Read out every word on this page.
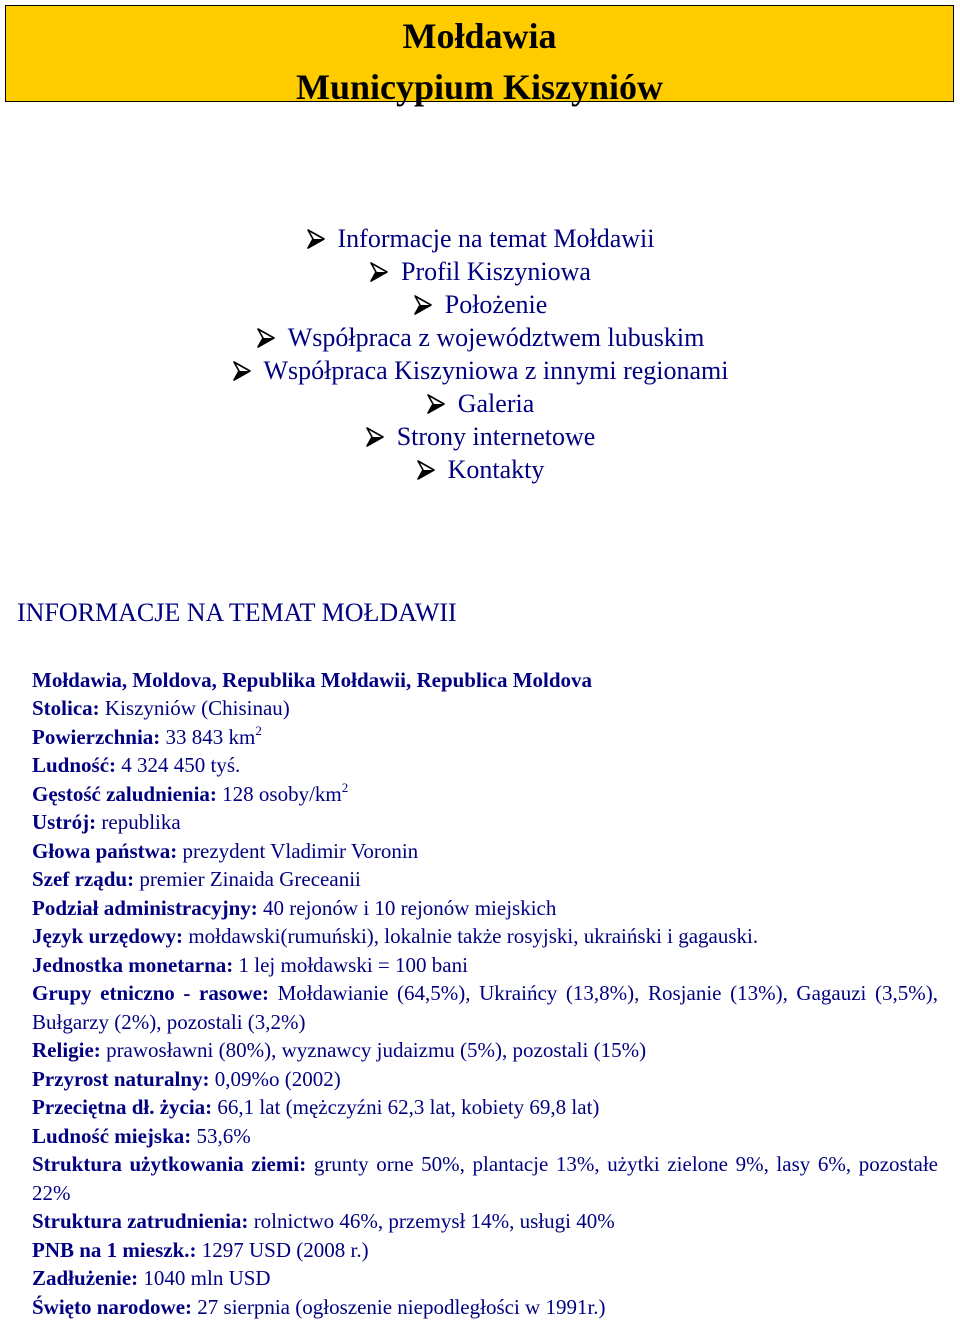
Mołdawia
Municypium Kiszyniów
Informacje na temat Mołdawii
Profil Kiszyniowa
Położenie
Współpraca z województwem lubuskim
Współpraca Kiszyniowa z innymi regionami
Galeria
Strony internetowe
Kontakty
INFORMACJE NA TEMAT MOŁDAWII
Mołdawia, Moldova, Republika Mołdawii, Republica Moldova
Stolica: Kiszyniów (Chisinau)
Powierzchnia: 33 843 $km^2$
Ludność: 4 324 450 tyś.
Gęstość zaludnienia: 128 osoby/$km^2$
Ustrój: republika
Głowa państwa: prezydent Vladimir Voronin
Szef rządu: premier Zinaida Greceanii
Podział administracyjny: 40 rejonów i 10 rejonów miejskich
Język urzędowy: mołdawski(rumuński), lokalnie także rosyjski, ukraiński i gagauski.
Jednostka monetarna: 1 lej mołdawski = 100 bani
Grupy etniczno - rasowe: Mołdawianie (64,5%), Ukraińcy (13,8%), Rosjanie (13%), Gagauzi (3,5%), Bułgarzy (2%), pozostali (3,2%)
Religie: prawosławni (80%), wyznawcy judaizmu (5%), pozostali (15%)
Przyrost naturalny: 0,09%o (2002)
Przeciętna dł. życia: 66,1 lat (mężczyźni 62,3 lat, kobiety 69,8 lat)
Ludność miejska: 53,6%
Struktura użytkowania ziemi: grunty orne 50%, plantacje 13%, użytki zielone 9%, lasy 6%, pozostałe 22%
Struktura zatrudnienia: rolnictwo 46%, przemysł 14%, usługi 40%
PNB na 1 mieszk.: 1297 USD (2008 r.)
Zadłużenie: 1040 mln USD
Święto narodowe: 27 sierpnia (ogłoszenie niepodległości w 1991r.)
